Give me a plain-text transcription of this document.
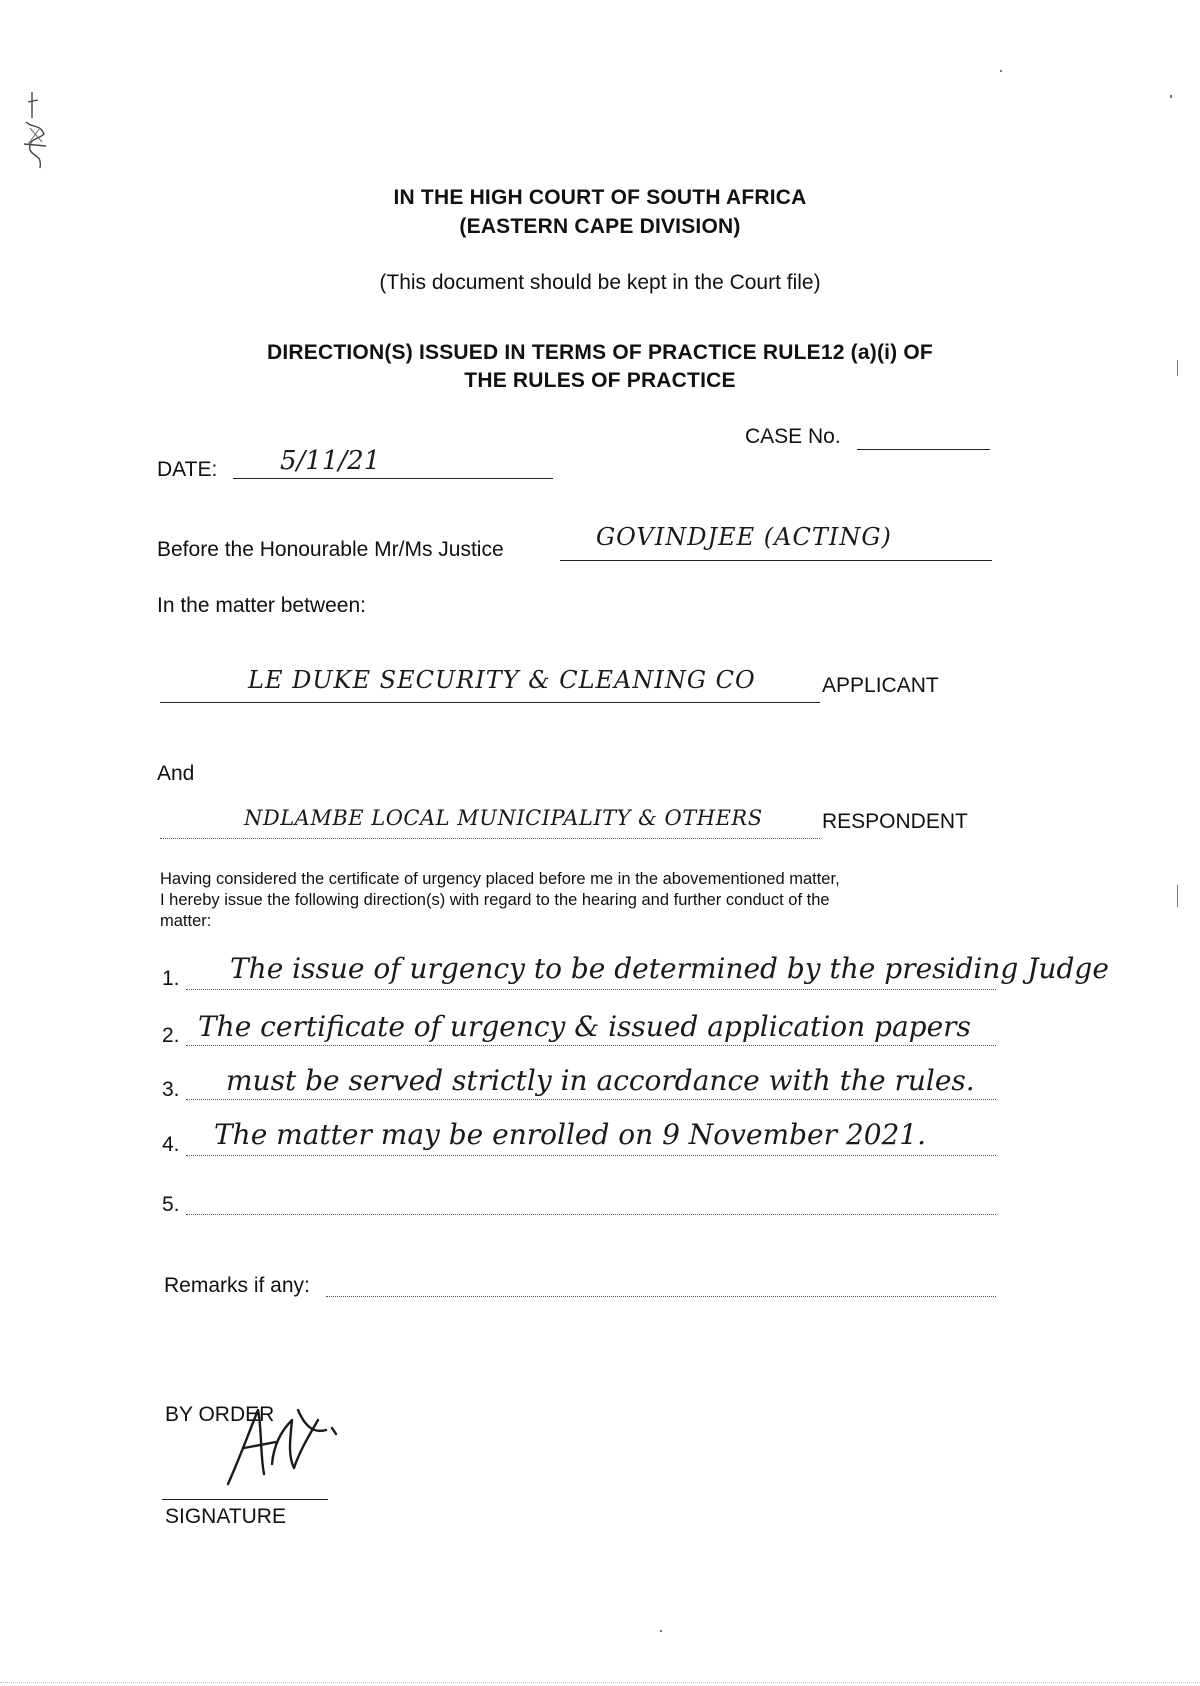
IN THE HIGH COURT OF SOUTH AFRICA
(EASTERN CAPE DIVISION)
(This document should be kept in the Court file)
DIRECTION(S) ISSUED IN TERMS OF PRACTICE RULE12 (a)(i) OF
THE RULES OF PRACTICE
CASE No.
DATE: 5/11/21
Before the Honourable Mr/Ms Justice	GOVINDJEE (ACTING)
In the matter between:
LE DUKE SECURITY & CLEANING CO	APPLICANT
And
NDLAMBE LOCAL MUNICIPALITY & OTHERS	RESPONDENT
Having considered the certificate of urgency placed before me in the abovementioned matter,
I hereby issue the following direction(s) with regard to the hearing and further conduct of the
matter:
1. The issue of urgency to be determined by the presiding Judge
2. The certificate of urgency & issued application papers
3. must be served strictly in accordance with the rules.
4. The matter may be enrolled on 9 November 2021.
5.
Remarks if any:
BY ORDER
SIGNATURE
